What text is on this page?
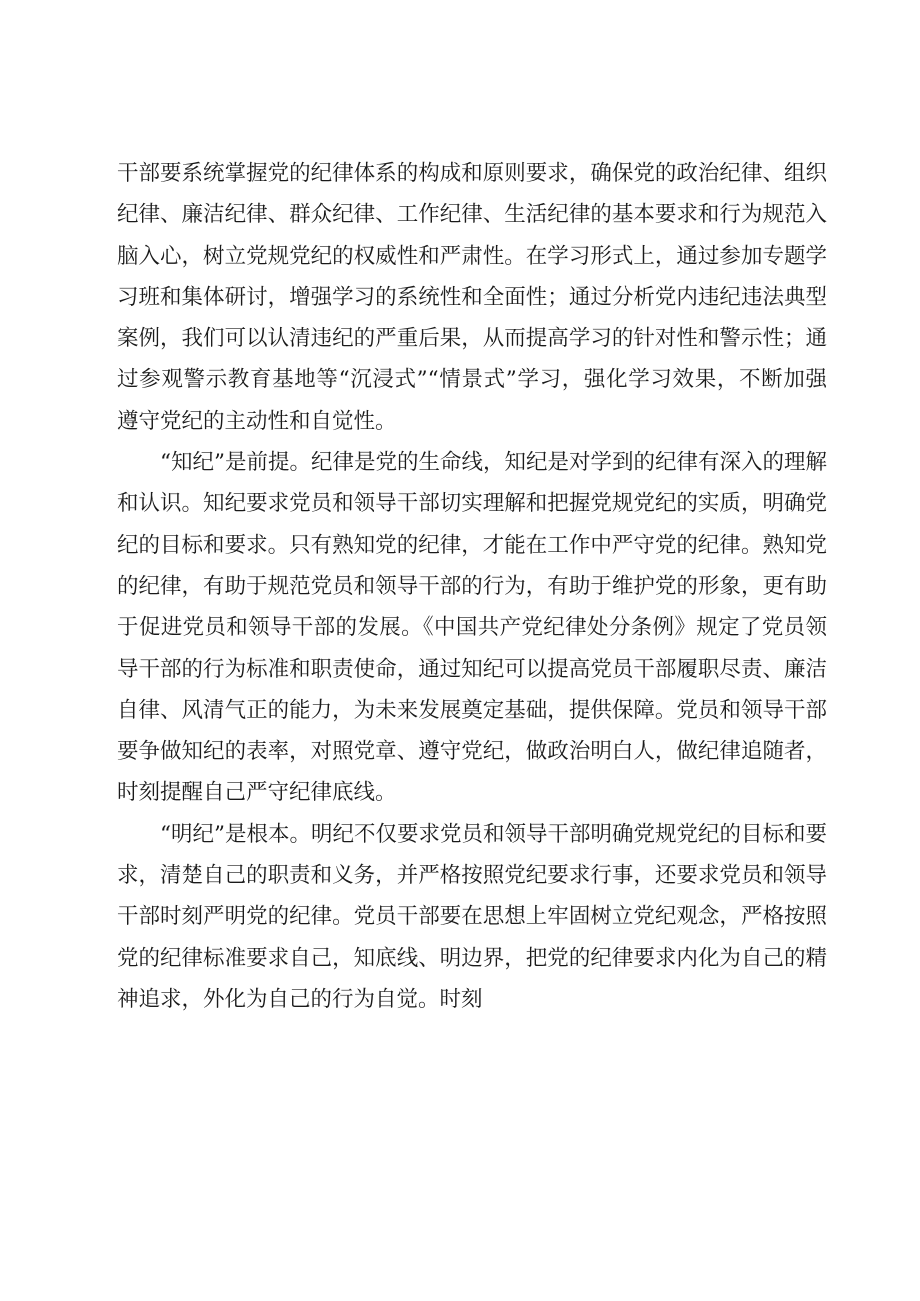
干部要系统掌握党的纪律体系的构成和原则要求，确保党的政治纪律、组织纪律、廉洁纪律、群众纪律、工作纪律、生活纪律的基本要求和行为规范入脑入心，树立党规党纪的权威性和严肃性。在学习形式上，通过参加专题学习班和集体研讨，增强学习的系统性和全面性；通过分析党内违纪违法典型案例，我们可以认清违纪的严重后果，从而提高学习的针对性和警示性；通过参观警示教育基地等“沉浸式”“情景式”学习，强化学习效果，不断加强遵守党纪的主动性和自觉性。

“知纪”是前提。纪律是党的生命线，知纪是对学到的纪律有深入的理解和认识。知纪要求党员和领导干部切实理解和把握党规党纪的实质，明确党纪的目标和要求。只有熟知党的纪律，才能在工作中严守党的纪律。熟知党的纪律，有助于规范党员和领导干部的行为，有助于维护党的形象，更有助于促进党员和领导干部的发展。《中国共产党纪律处分条例》规定了党员领导干部的行为标准和职责使命，通过知纪可以提高党员干部履职尽责、廉洁自律、风清气正的能力，为未来发展奠定基础，提供保障。党员和领导干部要争做知纪的表率，对照党章、遵守党纪，做政治明白人，做纪律追随者，时刻提醒自己严守纪律底线。

“明纪”是根本。明纪不仅要求党员和领导干部明确党规党纪的目标和要求，清楚自己的职责和义务，并严格按照党纪要求行事，还要求党员和领导干部时刻严明党的纪律。党员干部要在思想上牢固树立党纪观念，严格按照党的纪律标准要求自己，知底线、明边界，把党的纪律要求内化为自己的精神追求，外化为自己的行为自觉。时刻
